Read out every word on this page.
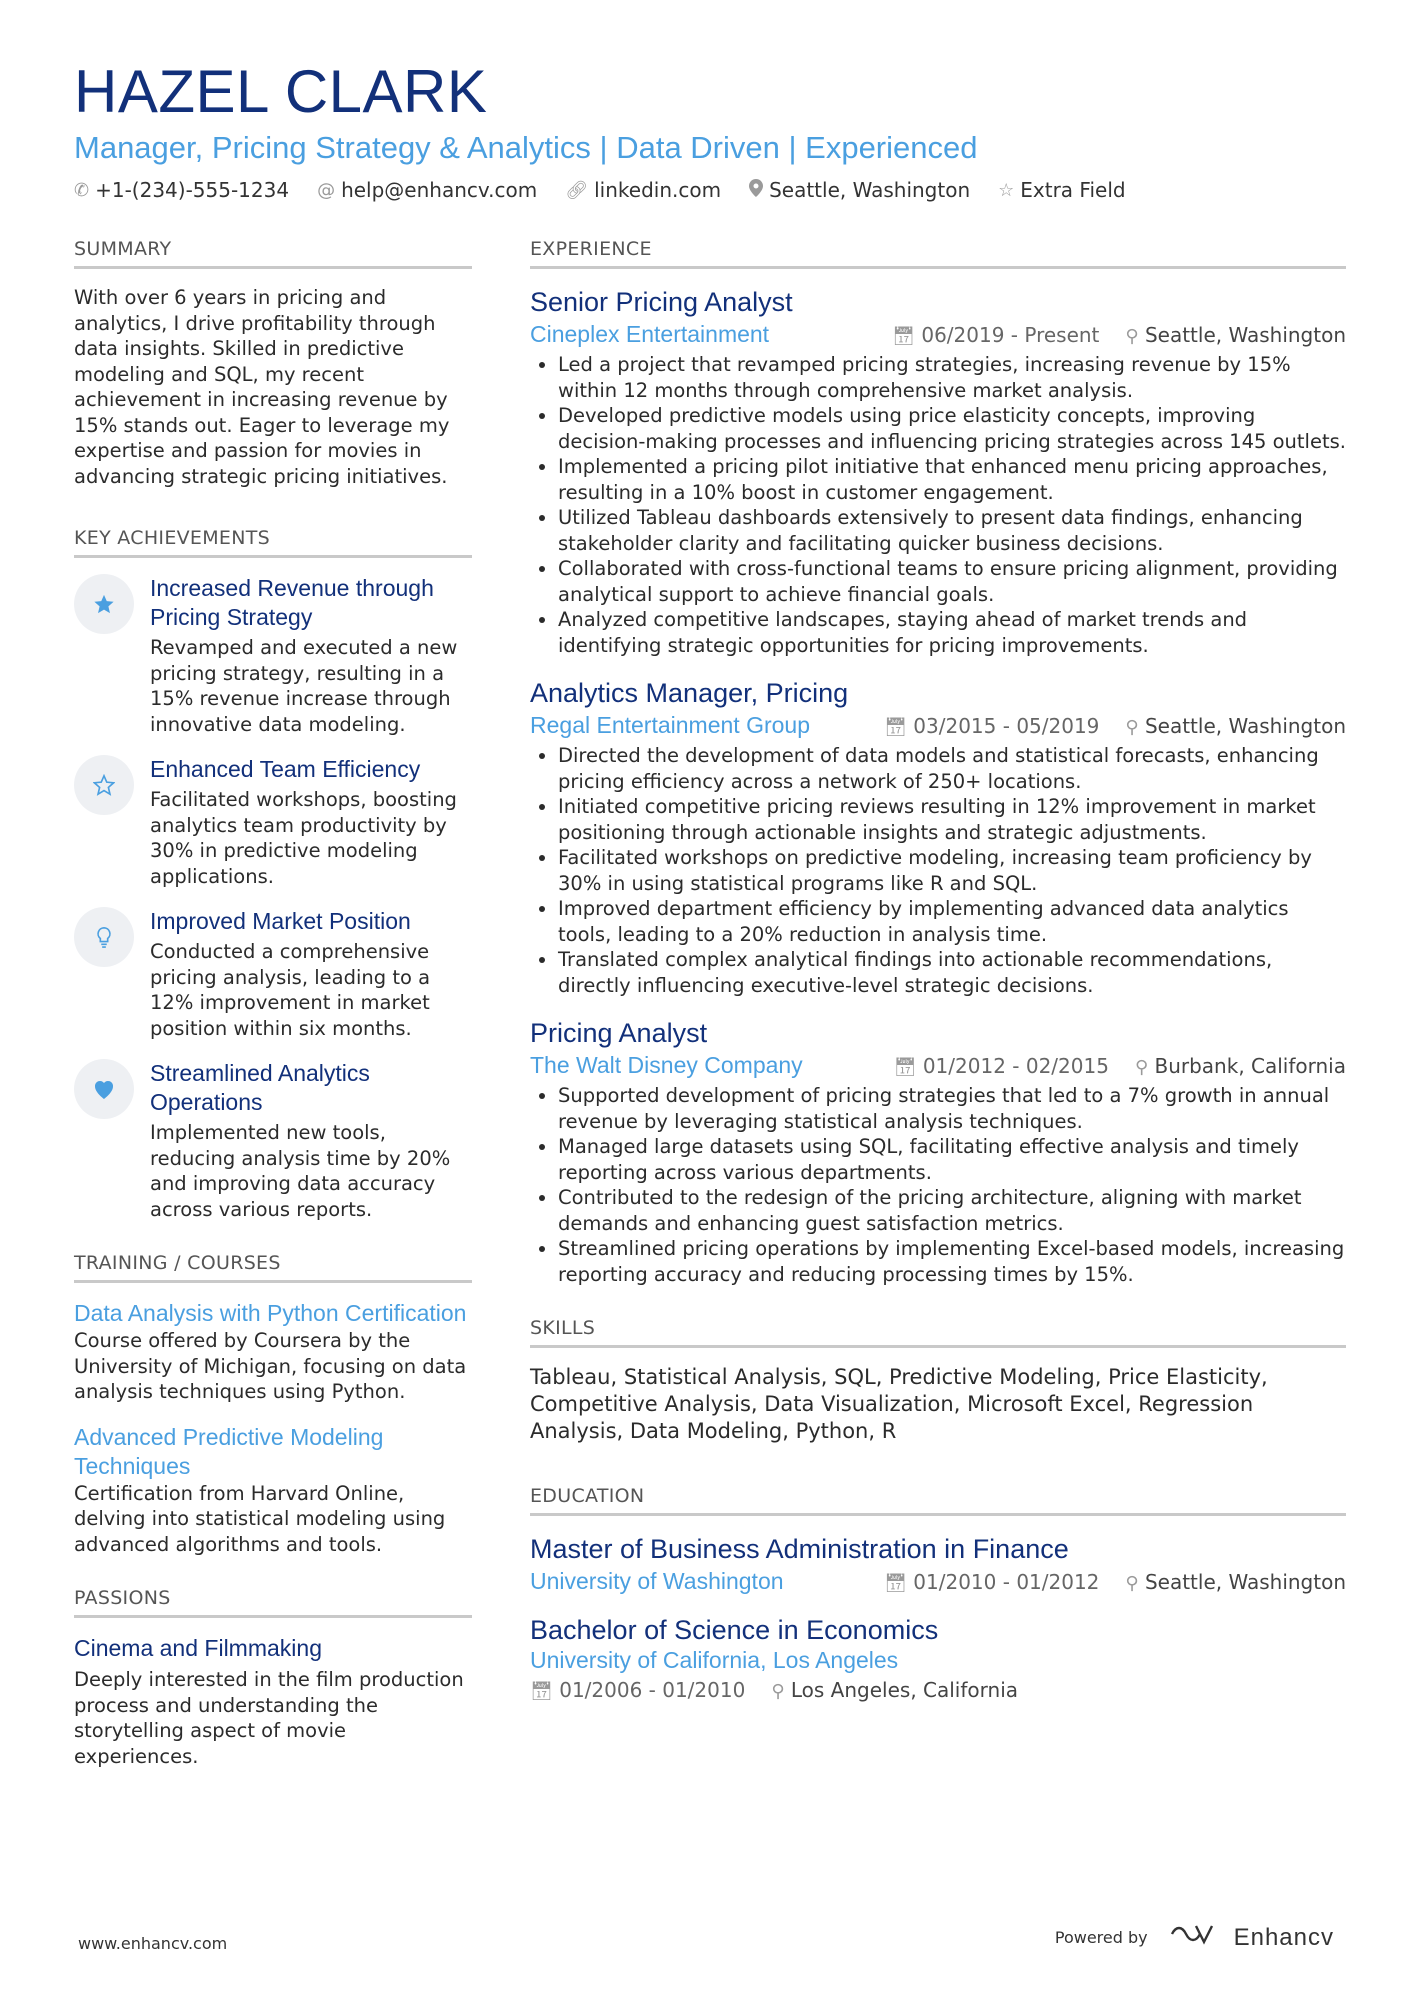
HAZEL CLARK
Manager, Pricing Strategy & Analytics | Data Driven | Experienced
✆ +1-(234)-555-1234 @ help@enhancv.com 🔗︎ linkedin.com Seattle, Washington ☆ Extra Field
SUMMARY
With over 6 years in pricing and analytics, I drive profitability through data insights. Skilled in predictive modeling and SQL, my recent achievement in increasing revenue by 15% stands out. Eager to leverage my expertise and passion for movies in advancing strategic pricing initiatives.
KEY ACHIEVEMENTS
Increased Revenue through Pricing Strategy
Revamped and executed a new pricing strategy, resulting in a 15% revenue increase through innovative data modeling.
Enhanced Team Efficiency
Facilitated workshops, boosting analytics team productivity by 30% in predictive modeling applications.
Improved Market Position
Conducted a comprehensive pricing analysis, leading to a 12% improvement in market position within six months.
Streamlined Analytics Operations
Implemented new tools, reducing analysis time by 20% and improving data accuracy across various reports.
TRAINING / COURSES
Data Analysis with Python Certification
Course offered by Coursera by the University of Michigan, focusing on data analysis techniques using Python.
Advanced Predictive Modeling Techniques
Certification from Harvard Online, delving into statistical modeling using advanced algorithms and tools.
PASSIONS
Cinema and Filmmaking
Deeply interested in the film production process and understanding the storytelling aspect of movie experiences.
EXPERIENCE
Senior Pricing Analyst
Cineplex Entertainment	📅︎ 06/2019 - Present ⚲ Seattle, Washington
• Led a project that revamped pricing strategies, increasing revenue by 15% within 12 months through comprehensive market analysis.
• Developed predictive models using price elasticity concepts, improving decision-making processes and influencing pricing strategies across 145 outlets.
• Implemented a pricing pilot initiative that enhanced menu pricing approaches, resulting in a 10% boost in customer engagement.
• Utilized Tableau dashboards extensively to present data findings, enhancing stakeholder clarity and facilitating quicker business decisions.
• Collaborated with cross-functional teams to ensure pricing alignment, providing analytical support to achieve financial goals.
• Analyzed competitive landscapes, staying ahead of market trends and identifying strategic opportunities for pricing improvements.
Analytics Manager, Pricing
Regal Entertainment Group	📅︎ 03/2015 - 05/2019 ⚲ Seattle, Washington
• Directed the development of data models and statistical forecasts, enhancing pricing efficiency across a network of 250+ locations.
• Initiated competitive pricing reviews resulting in 12% improvement in market positioning through actionable insights and strategic adjustments.
• Facilitated workshops on predictive modeling, increasing team proficiency by 30% in using statistical programs like R and SQL.
• Improved department efficiency by implementing advanced data analytics tools, leading to a 20% reduction in analysis time.
• Translated complex analytical findings into actionable recommendations, directly influencing executive-level strategic decisions.
Pricing Analyst
The Walt Disney Company	📅︎ 01/2012 - 02/2015 ⚲ Burbank, California
• Supported development of pricing strategies that led to a 7% growth in annual revenue by leveraging statistical analysis techniques.
• Managed large datasets using SQL, facilitating effective analysis and timely reporting across various departments.
• Contributed to the redesign of the pricing architecture, aligning with market demands and enhancing guest satisfaction metrics.
• Streamlined pricing operations by implementing Excel-based models, increasing reporting accuracy and reducing processing times by 15%.
SKILLS
Tableau, Statistical Analysis, SQL, Predictive Modeling, Price Elasticity, Competitive Analysis, Data Visualization, Microsoft Excel, Regression Analysis, Data Modeling, Python, R
EDUCATION
Master of Business Administration in Finance
University of Washington	📅︎ 01/2010 - 01/2012 ⚲ Seattle, Washington
Bachelor of Science in Economics
University of California, Los Angeles
📅︎ 01/2006 - 01/2010 ⚲ Los Angeles, California
www.enhancv.com	Powered by	Enhancv
